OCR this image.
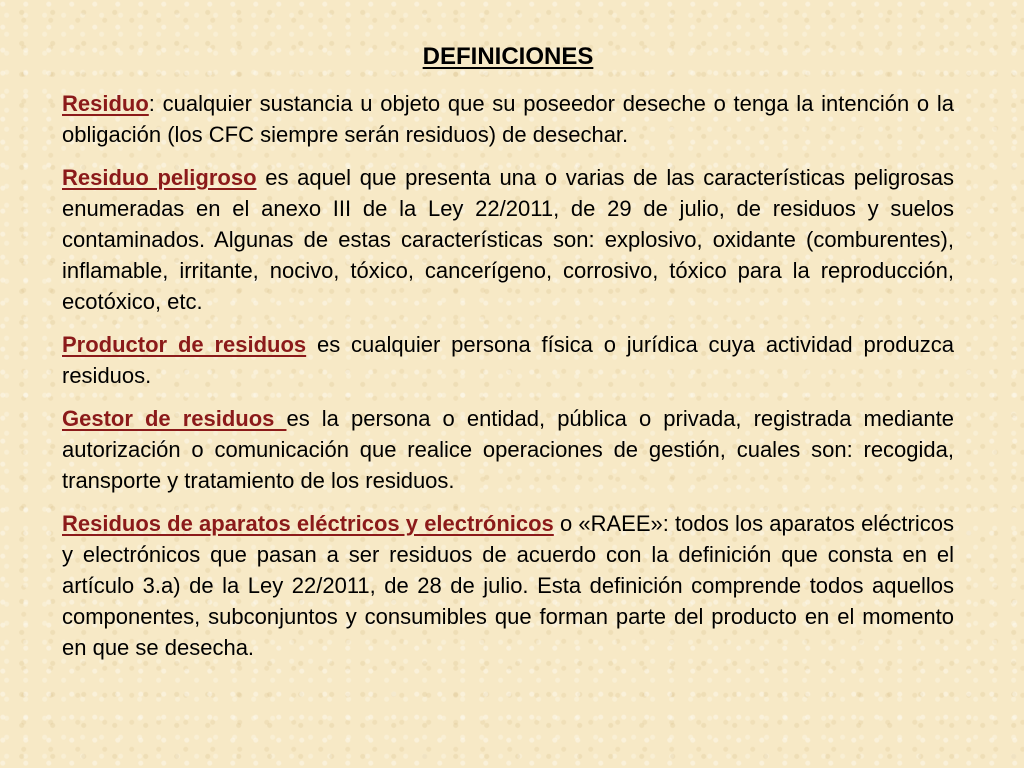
DEFINICIONES

Residuo: cualquier sustancia u objeto que su poseedor deseche o tenga la intención o la obligación (los CFC siempre serán residuos) de desechar.

Residuo peligroso es aquel que presenta una o varias de las características peligrosas enumeradas en el anexo III de la Ley 22/2011, de 29 de julio, de residuos y suelos contaminados. Algunas de estas características son: explosivo, oxidante (comburentes), inflamable, irritante, nocivo, tóxico, cancerígeno, corrosivo, tóxico para la reproducción, ecotóxico, etc.

Productor de residuos es cualquier persona física o jurídica cuya actividad produzca residuos.

Gestor de residuos es la persona o entidad, pública o privada, registrada mediante autorización o comunicación que realice operaciones de gestión, cuales son: recogida, transporte y tratamiento de los residuos.

Residuos de aparatos eléctricos y electrónicos o «RAEE»: todos los aparatos eléctricos y electrónicos que pasan a ser residuos de acuerdo con la definición que consta en el artículo 3.a) de la Ley 22/2011, de 28 de julio. Esta definición comprende todos aquellos componentes, subconjuntos y consumibles que forman parte del producto en el momento en que se desecha.
